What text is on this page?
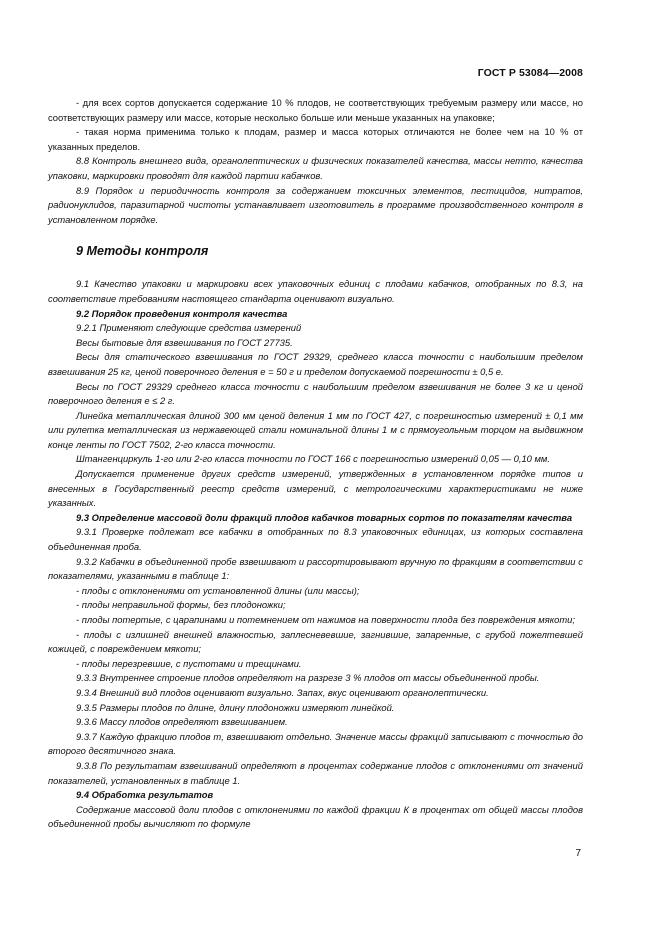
ГОСТ Р 53084—2008

- для всех сортов допускается содержание 10 % плодов, не соответствующих требуемым размеру или массе, но соответствующих размеру или массе, которые несколько больше или меньше указанных на упаковке;

- такая норма применима только к плодам, размер и масса которых отличаются не более чем на 10 % от указанных пределов.

8.8 Контроль внешнего вида, органолептических и физических показателей качества, массы нетто, качества упаковки, маркировки проводят для каждой партии кабачков.

8.9 Порядок и периодичность контроля за содержанием токсичных элементов, пестицидов, нитратов, радионуклидов, паразитарной чистоты устанавливает изготовитель в программе производственного контроля в установленном порядке.

9 Методы контроля

9.1 Качество упаковки и маркировки всех упаковочных единиц с плодами кабачков, отобранных по 8.3, на соответствие требованиям настоящего стандарта оценивают визуально.

9.2 Порядок проведения контроля качества

9.2.1 Применяют следующие средства измерений

Весы бытовые для взвешивания по ГОСТ 27735.

Весы для статического взвешивания по ГОСТ 29329, среднего класса точности с наибольшим пределом взвешивания 25 кг, ценой поверочного деления е = 50 г и пределом допускаемой погрешности ± 0,5 е.

Весы по ГОСТ 29329 среднего класса точности с наибольшим пределом взвешивания не более 3 кг и ценой поверочного деления е ≤ 2 г.

Линейка металлическая длиной 300 мм ценой деления 1 мм по ГОСТ 427, с погрешностью измерений ± 0,1 мм или рулетка металлическая из нержавеющей стали номинальной длины 1 м с прямоугольным торцом на выдвижном конце ленты по ГОСТ 7502, 2-го класса точности.

Штангенциркуль 1-го или 2-го класса точности по ГОСТ 166 с погрешностью измерений 0,05 — 0,10 мм.

Допускается применение других средств измерений, утвержденных в установленном порядке типов и внесенных в Государственный реестр средств измерений, с метрологическими характеристиками не ниже указанных.

9.3 Определение массовой доли фракций плодов кабачков товарных сортов по показателям качества

9.3.1 Проверке подлежат все кабачки в отобранных по 8.3 упаковочных единицах, из которых составлена объединенная проба.

9.3.2 Кабачки в объединенной пробе взвешивают и рассортировывают вручную по фракциям в соответствии с показателями, указанными в таблице 1:

- плоды с отклонениями от установленной длины (или массы);

- плоды неправильной формы, без плодоножки;

- плоды потертые, с царапинами и потемнением от нажимов на поверхности плода без повреждения мякоти;

- плоды с излишней внешней влажностью, заплесневевшие, загнившие, запаренные, с грубой пожелтевшей кожицей, с повреждением мякоти;

- плоды перезревшие, с пустотами и трещинами.

9.3.3 Внутреннее строение плодов определяют на разрезе 3 % плодов от массы объединенной пробы.

9.3.4 Внешний вид плодов оценивают визуально. Запах, вкус оценивают органолептически.

9.3.5 Размеры плодов по длине, длину плодоножки измеряют линейкой.

9.3.6 Массу плодов определяют взвешиванием.

9.3.7 Каждую фракцию плодов m, взвешивают отдельно. Значение массы фракций записывают с точностью до второго десятичного знака.

9.3.8 По результатам взвешиваний определяют в процентах содержание плодов с отклонениями от значений показателей, установленных в таблице 1.

9.4 Обработка результатов

Содержание массовой доли плодов с отклонениями по каждой фракции К в процентах от общей массы плодов объединенной пробы вычисляют по формуле

7
